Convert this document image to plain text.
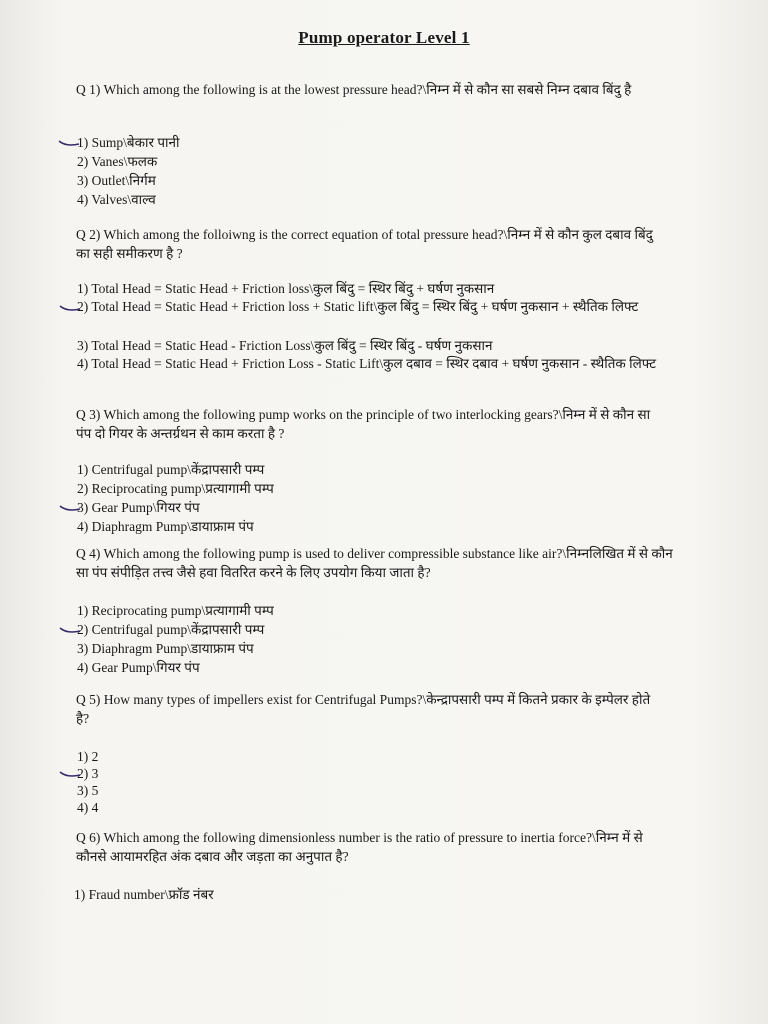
Pump operator Level 1
Q 1) Which among the following is at the lowest pressure head?\निम्न में से कौन सा सबसे निम्न दबाव बिंदु है
1) Sump\बेकार पानी
2) Vanes\फलक
3) Outlet\निर्गम
4) Valves\वाल्व
Q 2) Which among the folloiwng is the correct equation of total pressure head?\निम्न में से कौन कुल दबाव बिंदु का सही समीकरण है ?
1) Total Head = Static Head + Friction loss\कुल बिंदु = स्थिर बिंदु + घर्षण नुकसान
2) Total Head = Static Head + Friction loss + Static lift\कुल बिंदु = स्थिर बिंदु + घर्षण नुकसान + स्थैतिक लिफ्ट
3) Total Head = Static Head - Friction Loss\कुल बिंदु = स्थिर बिंदु - घर्षण नुकसान
4) Total Head = Static Head + Friction Loss - Static Lift\कुल दबाव = स्थिर दबाव + घर्षण नुकसान - स्थैतिक लिफ्ट
Q 3) Which among the following pump works on the principle of two interlocking gears?\निम्न में से कौन सा पंप दो गियर के अन्तर्ग्रथन से काम करता है ?
1) Centrifugal pump\केंद्रापसारी पम्प
2) Reciprocating pump\प्रत्यागामी पम्प
3) Gear Pump\गियर पंप
4) Diaphragm Pump\डायाफ्राम पंप
Q 4) Which among the following pump is used to deliver compressible substance like air?\निम्नलिखित में से कौन सा पंप संपीड़ित तत्त्व जैसे हवा वितरित करने के लिए उपयोग किया जाता है?
1) Reciprocating pump\प्रत्यागामी पम्प
2) Centrifugal pump\केंद्रापसारी पम्प
3) Diaphragm Pump\डायाफ्राम पंप
4) Gear Pump\गियर पंप
Q 5) How many types of impellers exist for Centrifugal Pumps?\केन्द्रापसारी पम्प में कितने प्रकार के इम्पेलर होते है?
1) 2
2) 3
3) 5
4) 4
Q 6) Which among the following dimensionless number is the ratio of pressure to inertia force?\निम्न में से कौनसे आयामरहित अंक दबाव और जड़ता का अनुपात है?
1) Fraud number\फ्रॉड नंबर
